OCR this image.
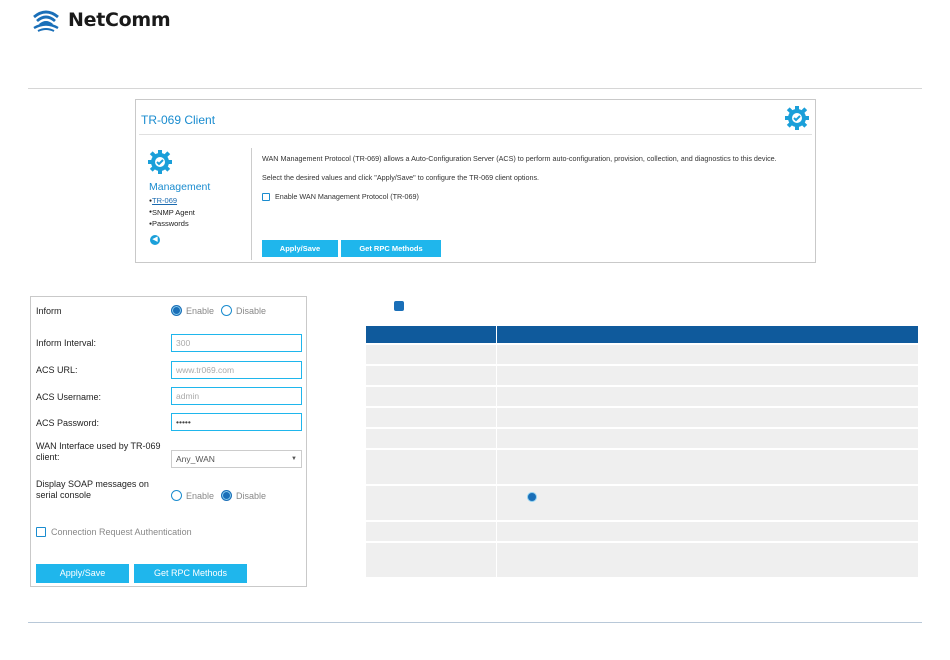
NetComm
TR-069 Client
Management
● TR-069
● SNMP Agent
● Passwords
◀

WAN Management Protocol (TR-069) allows a Auto-Configuration Server (ACS) to perform auto-configuration, provision, collection, and diagnostics to this device.

Select the desired values and click "Apply/Save" to configure the TR-069 client options.

Enable WAN Management Protocol (TR-069)
Apply/Save	Get RPC Methods
Inform	Enable Disable
Inform Interval:	300
ACS URL:	www.tr069.com
ACS Username:	admin
ACS Password:	•••••
WAN Interface used by TR-069
client:	Any_WAN	▼
Display SOAP messages on
serial console	Enable Disable
Connection Request Authentication
Apply/Save	Get RPC Methods
